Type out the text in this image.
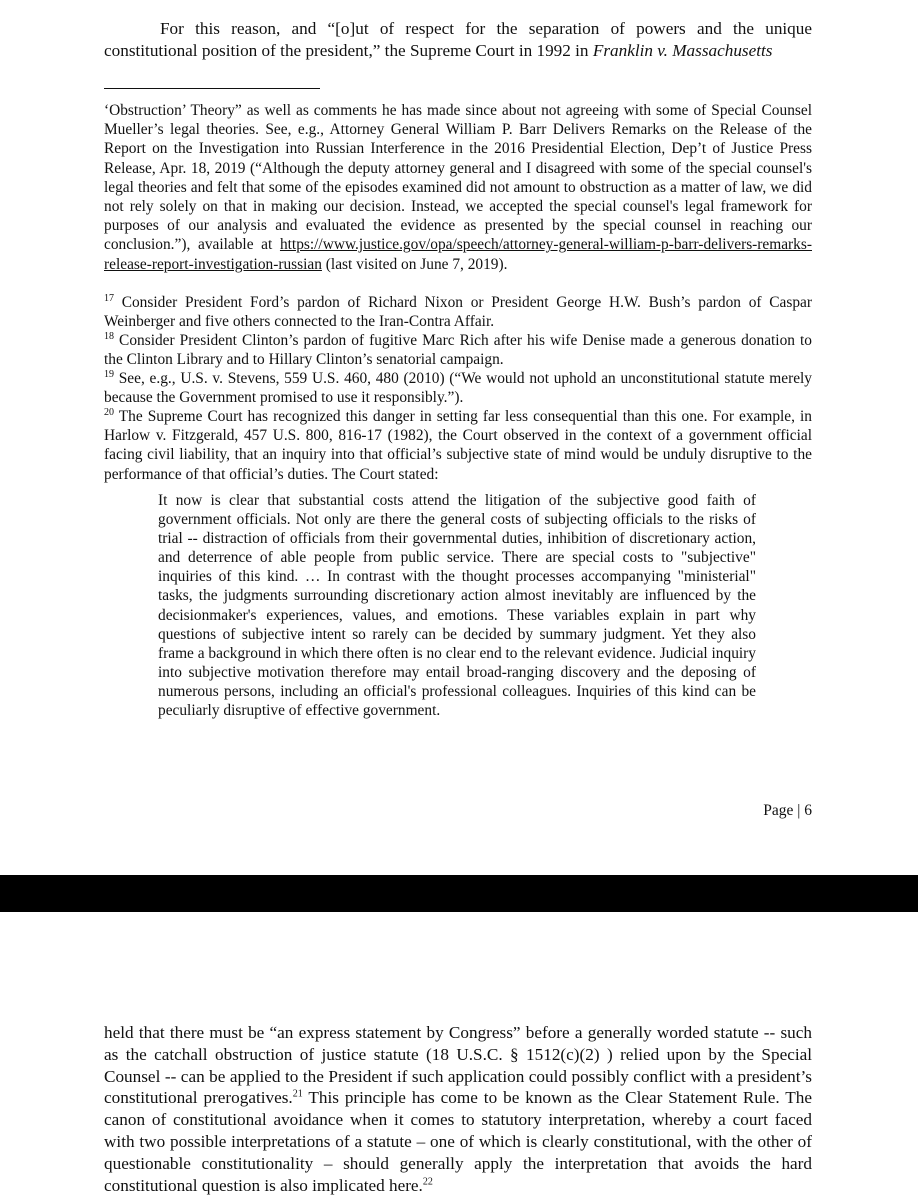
For this reason, and “[o]ut of respect for the separation of powers and the unique constitutional position of the president,” the Supreme Court in 1992 in Franklin v. Massachusetts

‘Obstruction’ Theory” as well as comments he has made since about not agreeing with some of Special Counsel Mueller’s legal theories. See, e.g., Attorney General William P. Barr Delivers Remarks on the Release of the Report on the Investigation into Russian Interference in the 2016 Presidential Election, Dep’t of Justice Press Release, Apr. 18, 2019 (“Although the deputy attorney general and I disagreed with some of the special counsel's legal theories and felt that some of the episodes examined did not amount to obstruction as a matter of law, we did not rely solely on that in making our decision. Instead, we accepted the special counsel's legal framework for purposes of our analysis and evaluated the evidence as presented by the special counsel in reaching our conclusion.”), available at https://www.justice.gov/opa/speech/attorney-general-william-p-barr-delivers-remarks-release-report-investigation-russian (last visited on June 7, 2019).

$^{17}$ Consider President Ford’s pardon of Richard Nixon or President George H.W. Bush’s pardon of Caspar Weinberger and five others connected to the Iran-Contra Affair.

$^{18}$ Consider President Clinton’s pardon of fugitive Marc Rich after his wife Denise made a generous donation to the Clinton Library and to Hillary Clinton’s senatorial campaign.

$^{19}$ See, e.g., U.S. v. Stevens, 559 U.S. 460, 480 (2010) (“We would not uphold an unconstitutional statute merely because the Government promised to use it responsibly.”).

$^{20}$ The Supreme Court has recognized this danger in setting far less consequential than this one. For example, in Harlow v. Fitzgerald, 457 U.S. 800, 816-17 (1982), the Court observed in the context of a government official facing civil liability, that an inquiry into that official’s subjective state of mind would be unduly disruptive to the performance of that official’s duties. The Court stated:

It now is clear that substantial costs attend the litigation of the subjective good faith of government officials. Not only are there the general costs of subjecting officials to the risks of trial -- distraction of officials from their governmental duties, inhibition of discretionary action, and deterrence of able people from public service. There are special costs to "subjective" inquiries of this kind. … In contrast with the thought processes accompanying "ministerial" tasks, the judgments surrounding discretionary action almost inevitably are influenced by the decisionmaker's experiences, values, and emotions. These variables explain in part why questions of subjective intent so rarely can be decided by summary judgment. Yet they also frame a background in which there often is no clear end to the relevant evidence. Judicial inquiry into subjective motivation therefore may entail broad-ranging discovery and the deposing of numerous persons, including an official's professional colleagues. Inquiries of this kind can be peculiarly disruptive of effective government.

Page | 6

held that there must be “an express statement by Congress” before a generally worded statute -- such as the catchall obstruction of justice statute (18 U.S.C. § 1512(c)(2) ) relied upon by the Special Counsel -- can be applied to the President if such application could possibly conflict with a president’s constitutional prerogatives.$^{21}$ This principle has come to be known as the Clear Statement Rule. The canon of constitutional avoidance when it comes to statutory interpretation, whereby a court faced with two possible interpretations of a statute – one of which is clearly constitutional, with the other of questionable constitutionality – should generally apply the interpretation that avoids the hard constitutional question is also implicated here.$^{22}$
